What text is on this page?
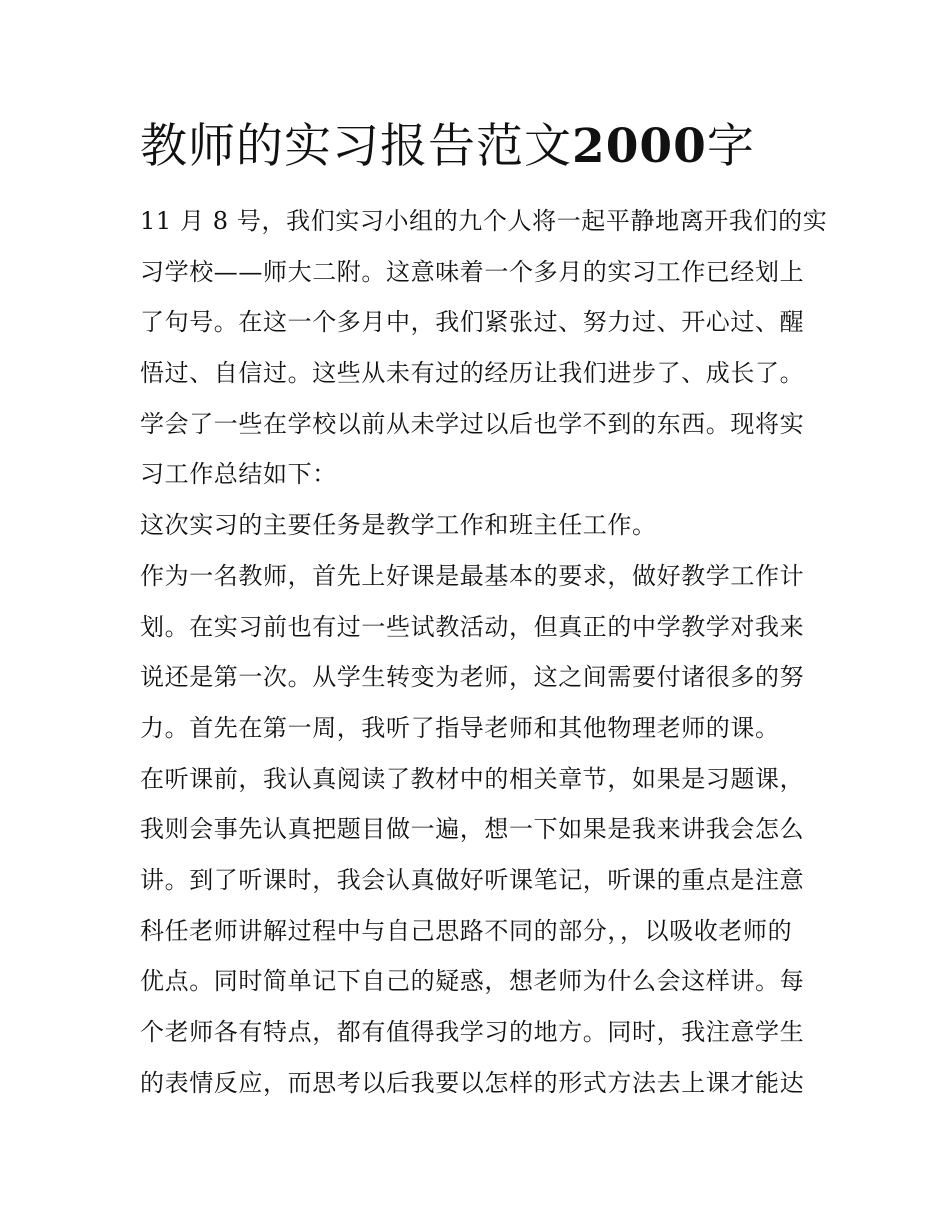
教师的实习报告范文2000字
11 月 8 号，我们实习小组的九个人将一起平静地离开我们的实
习学校——师大二附。这意味着一个多月的实习工作已经划上
了句号。在这一个多月中，我们紧张过、努力过、开心过、醒
悟过、自信过。这些从未有过的经历让我们进步了、成长了。
学会了一些在学校以前从未学过以后也学不到的东西。现将实
习工作总结如下：
这次实习的主要任务是教学工作和班主任工作。
作为一名教师，首先上好课是最基本的要求，做好教学工作计
划。在实习前也有过一些试教活动，但真正的中学教学对我来
说还是第一次。从学生转变为老师，这之间需要付诸很多的努
力。首先在第一周，我听了指导老师和其他物理老师的课。
在听课前，我认真阅读了教材中的相关章节，如果是习题课，
我则会事先认真把题目做一遍，想一下如果是我来讲我会怎么
讲。到了听课时，我会认真做好听课笔记，听课的重点是注意
科任老师讲解过程中与自己思路不同的部分，，以吸收老师的
优点。同时简单记下自己的疑惑，想老师为什么会这样讲。每
个老师各有特点，都有值得我学习的地方。同时，我注意学生
的表情反应，而思考以后我要以怎样的形式方法去上课才能达
